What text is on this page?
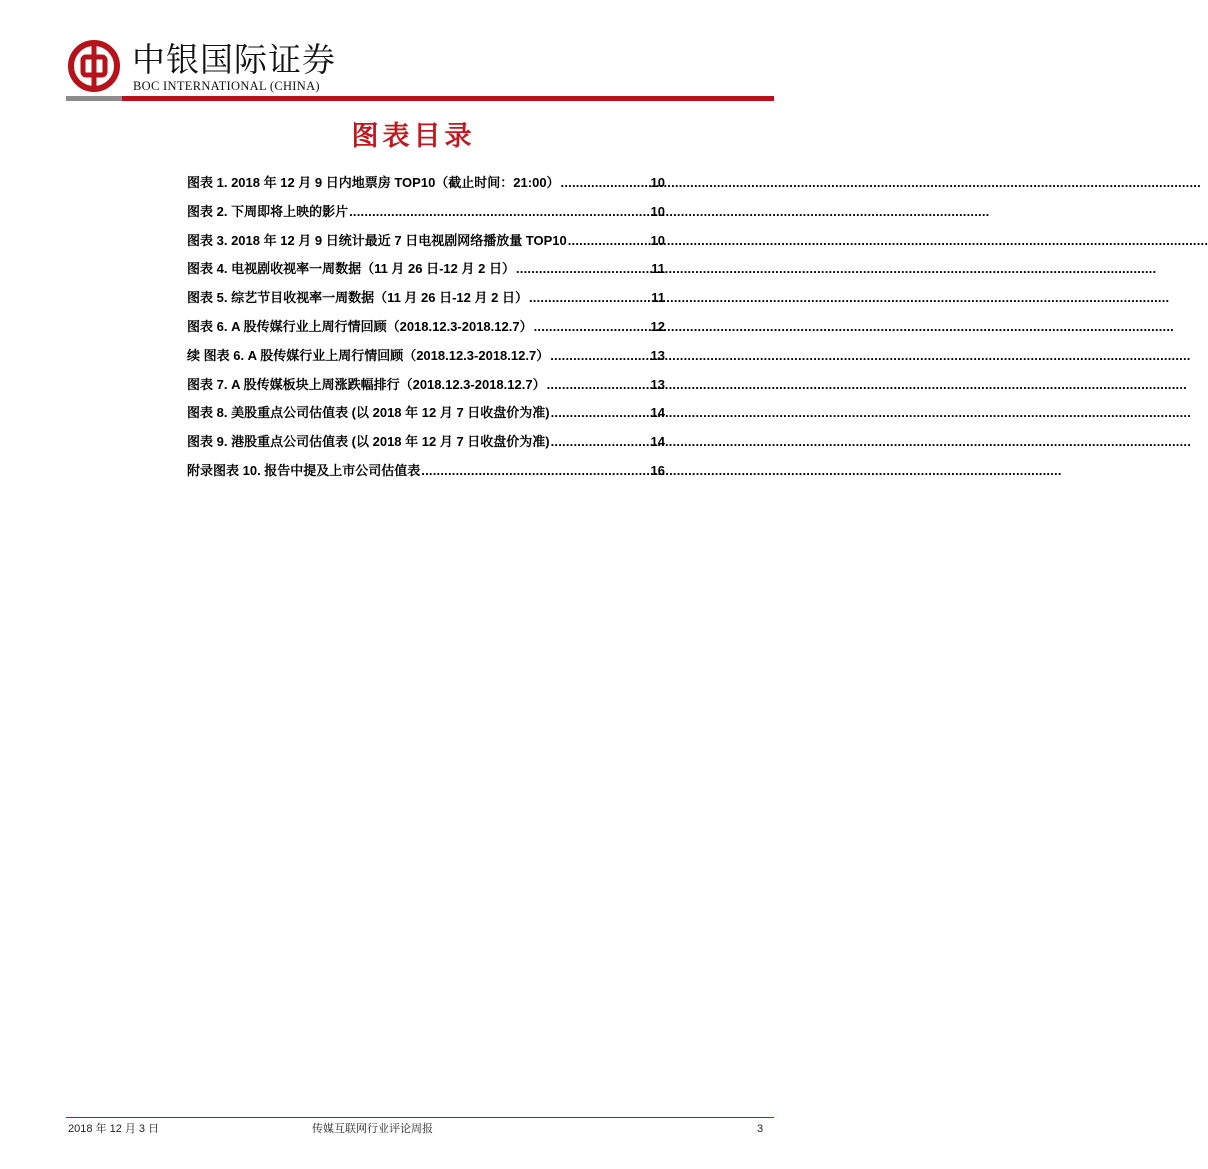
中银国际证券
BOC INTERNATIONAL (CHINA)
图表目录
图表 1. 2018 年 12 月 9 日内地票房 TOP10（截止时间：21:00） .....	10
图表 2. 下周即将上映的影片 .....	10
图表 3. 2018 年 12 月 9 日统计最近 7 日电视剧网络播放量 TOP10 .....	10
图表 4. 电视剧收视率一周数据（11 月 26 日-12 月 2 日） .....	11
图表 5. 综艺节目收视率一周数据（11 月 26 日-12 月 2 日） .....	11
图表 6. A 股传媒行业上周行情回顾（2018.12.3-2018.12.7） .....	12
续 图表 6. A 股传媒行业上周行情回顾（2018.12.3-2018.12.7） .....	13
图表 7. A 股传媒板块上周涨跌幅排行（2018.12.3-2018.12.7） .....	13
图表 8. 美股重点公司估值表 (以 2018 年 12 月 7 日收盘价为准) .....	14
图表 9. 港股重点公司估值表 (以 2018 年 12 月 7 日收盘价为准) .....	14
附录图表 10. 报告中提及上市公司估值表 .....	16
2018 年 12 月 3 日	传媒互联网行业评论周报	3
